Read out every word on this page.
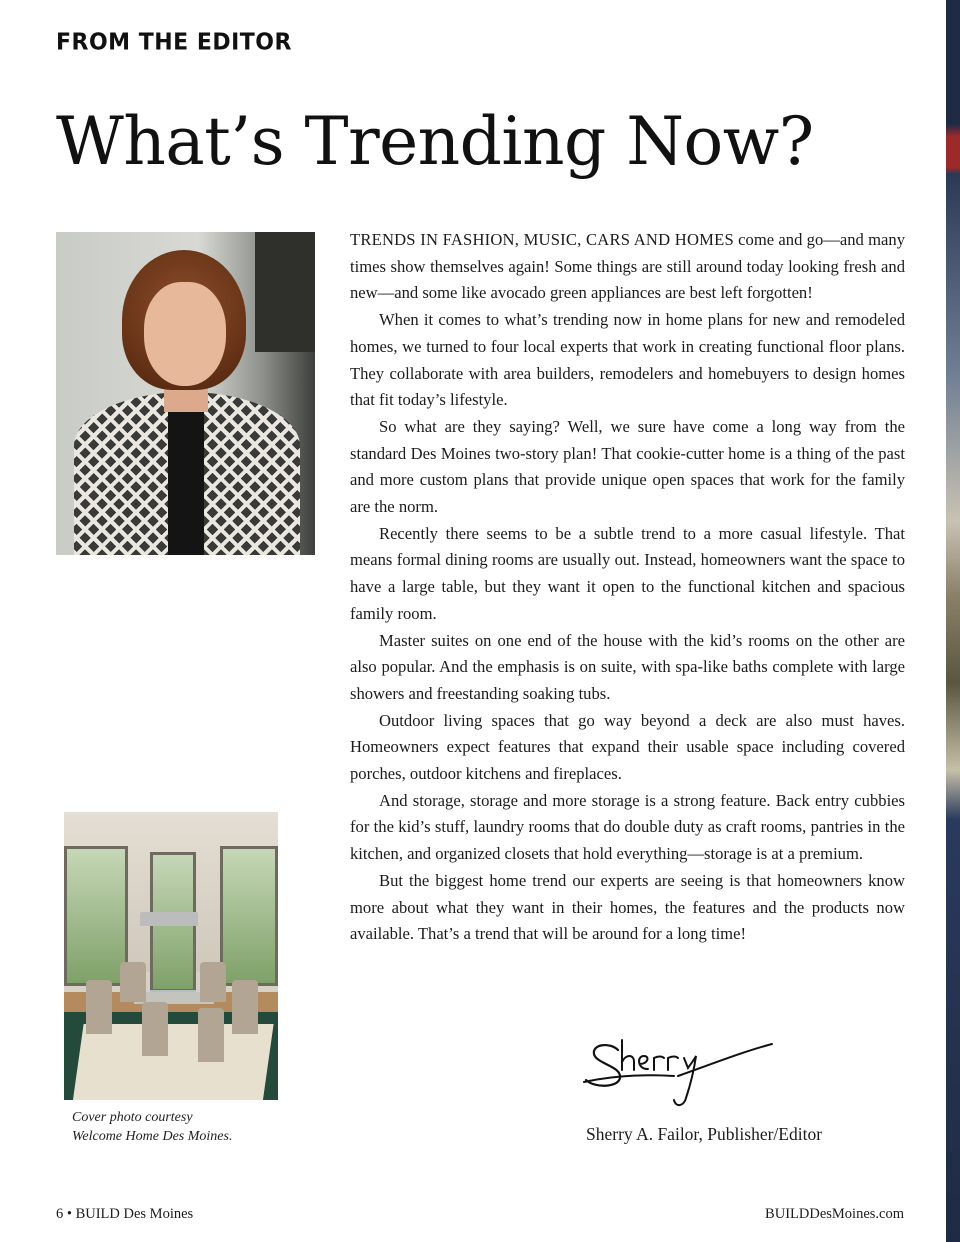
FROM THE EDITOR
What’s Trending Now?

TRENDS IN FASHION, MUSIC, CARS AND HOMES come and go—and many times show themselves again! Some things are still around today looking fresh and new—and some like avocado green appliances are best left forgotten!

When it comes to what’s trending now in home plans for new and remodeled homes, we turned to four local experts that work in creating functional floor plans. They collaborate with area builders, remodelers and homebuyers to design homes that fit today’s lifestyle.

So what are they saying? Well, we sure have come a long way from the standard Des Moines two-story plan! That cookie-cutter home is a thing of the past and more custom plans that provide unique open spaces that work for the family are the norm.

Recently there seems to be a subtle trend to a more casual lifestyle. That means formal dining rooms are usually out. Instead, homeowners want the space to have a large table, but they want it open to the functional kitchen and spacious family room.

Master suites on one end of the house with the kid’s rooms on the other are also popular. And the emphasis is on suite, with spa-like baths complete with large showers and freestanding soaking tubs.

Outdoor living spaces that go way beyond a deck are also must haves. Homeowners expect features that expand their usable space including covered porches, outdoor kitchens and fireplaces.

And storage, storage and more storage is a strong feature. Back entry cubbies for the kid’s stuff, laundry rooms that do double duty as craft rooms, pantries in the kitchen, and organized closets that hold everything—storage is at a premium.

But the biggest home trend our experts are seeing is that homeowners know more about what they want in their homes, the features and the products now available. That’s a trend that will be around for a long time!

Cover photo courtesy
Welcome Home Des Moines.	Sherry A. Failor, Publisher/Editor
6 • BUILD Des Moines	BUILDDesMoines.com
